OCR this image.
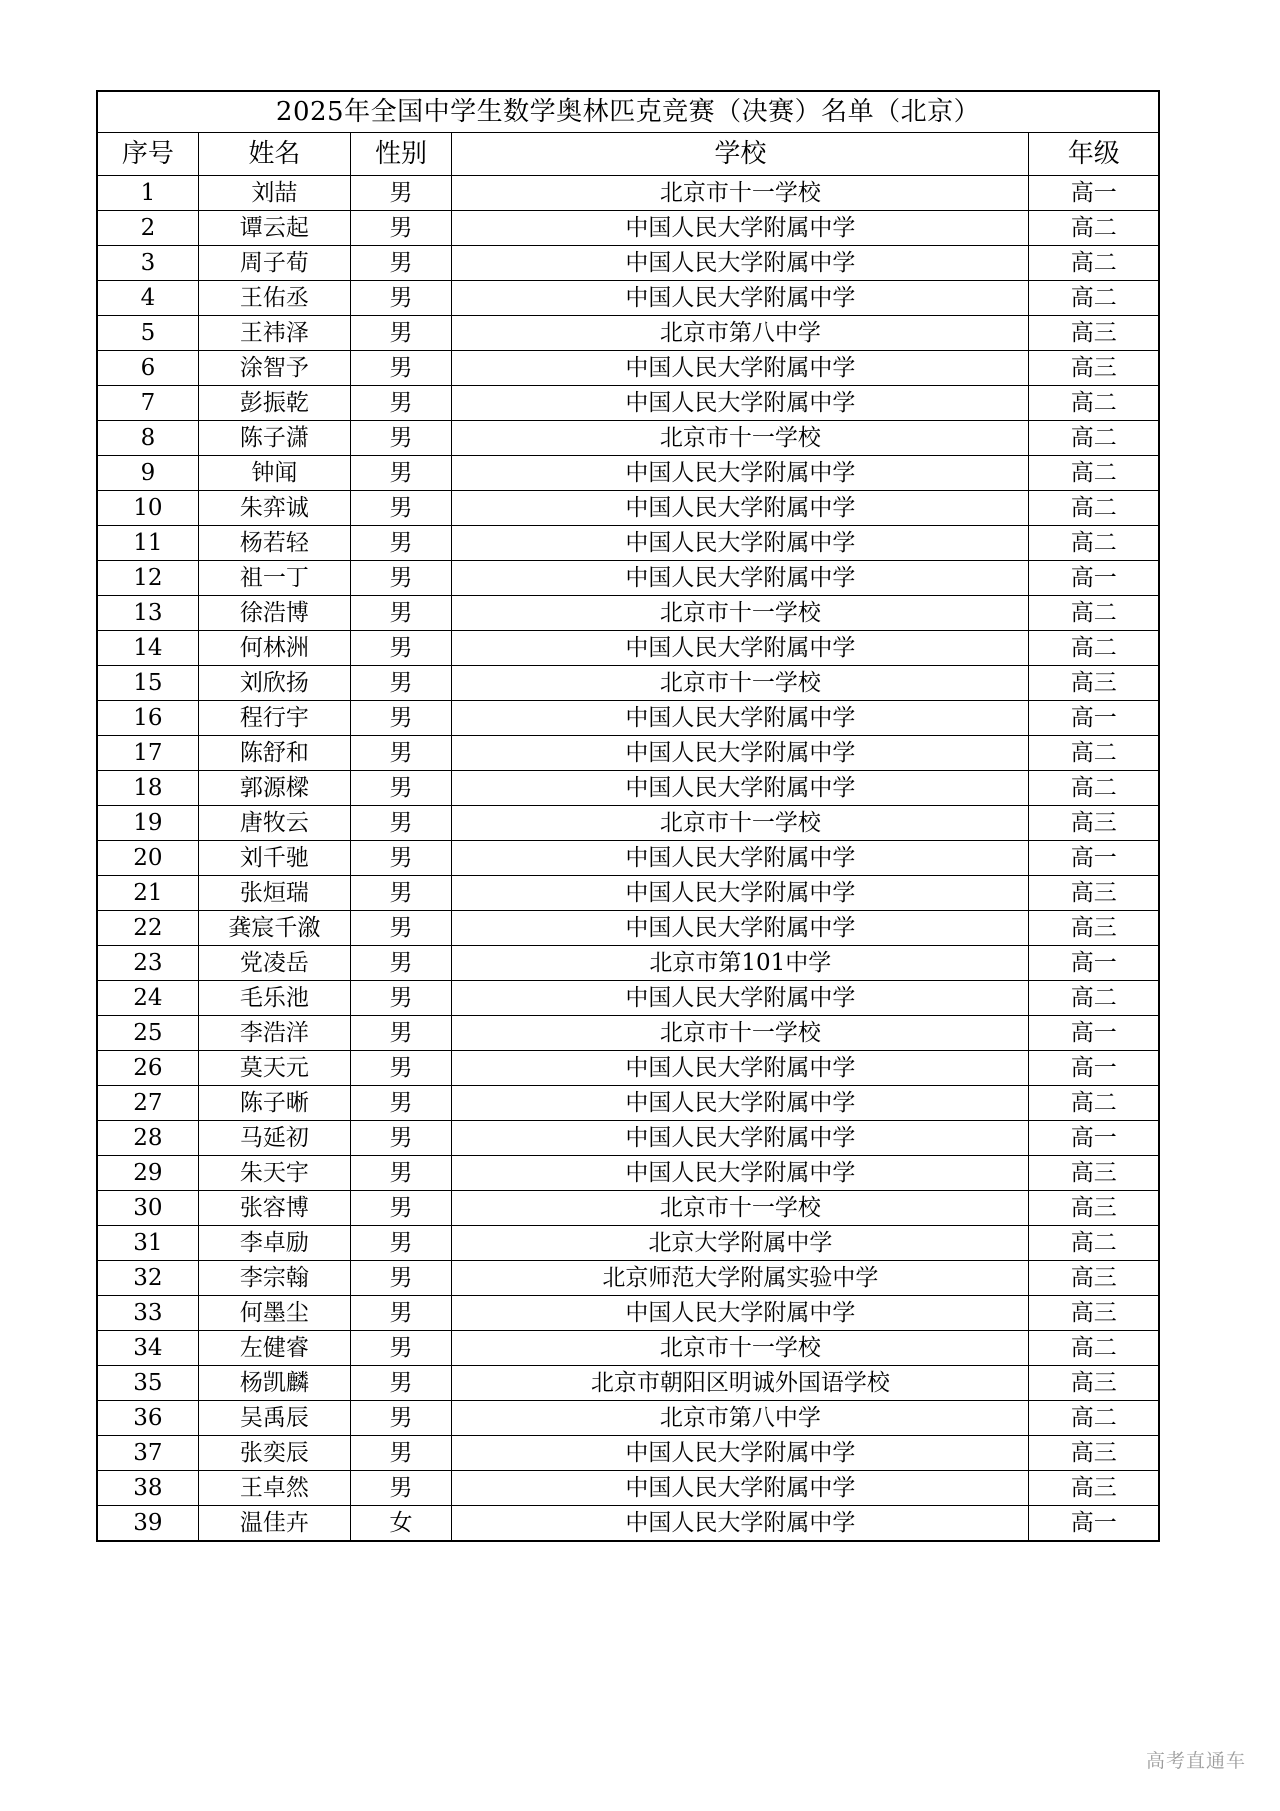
2025年全国中学生数学奥林匹克竞赛（决赛）名单（北京）				
序号	姓名	性别	学校	年级
1	刘喆	男	北京市十一学校	高一
2	谭云起	男	中国人民大学附属中学	高二
3	周子荀	男	中国人民大学附属中学	高二
4	王佑丞	男	中国人民大学附属中学	高二
5	王祎泽	男	北京市第八中学	高三
6	涂智予	男	中国人民大学附属中学	高三
7	彭振乾	男	中国人民大学附属中学	高二
8	陈子潇	男	北京市十一学校	高二
9	钟闻	男	中国人民大学附属中学	高二
10	朱弈诚	男	中国人民大学附属中学	高二
11	杨若轻	男	中国人民大学附属中学	高二
12	祖一丁	男	中国人民大学附属中学	高一
13	徐浩博	男	北京市十一学校	高二
14	何林洲	男	中国人民大学附属中学	高二
15	刘欣扬	男	北京市十一学校	高三
16	程行宇	男	中国人民大学附属中学	高一
17	陈舒和	男	中国人民大学附属中学	高二
18	郭源樑	男	中国人民大学附属中学	高二
19	唐牧云	男	北京市十一学校	高三
20	刘千驰	男	中国人民大学附属中学	高一
21	张烜瑞	男	中国人民大学附属中学	高三
22	龚宸千漵	男	中国人民大学附属中学	高三
23	党凌岳	男	北京市第101中学	高一
24	毛乐池	男	中国人民大学附属中学	高二
25	李浩洋	男	北京市十一学校	高一
26	莫天元	男	中国人民大学附属中学	高一
27	陈子晰	男	中国人民大学附属中学	高二
28	马延初	男	中国人民大学附属中学	高一
29	朱天宇	男	中国人民大学附属中学	高三
30	张容博	男	北京市十一学校	高三
31	李卓励	男	北京大学附属中学	高二
32	李宗翰	男	北京师范大学附属实验中学	高三
33	何墨尘	男	中国人民大学附属中学	高三
34	左健睿	男	北京市十一学校	高二
35	杨凯麟	男	北京市朝阳区明诚外国语学校	高三
36	吴禹辰	男	北京市第八中学	高二
37	张奕辰	男	中国人民大学附属中学	高三
38	王卓然	男	中国人民大学附属中学	高三
39	温佳卉	女	中国人民大学附属中学	高一
高考直通车
